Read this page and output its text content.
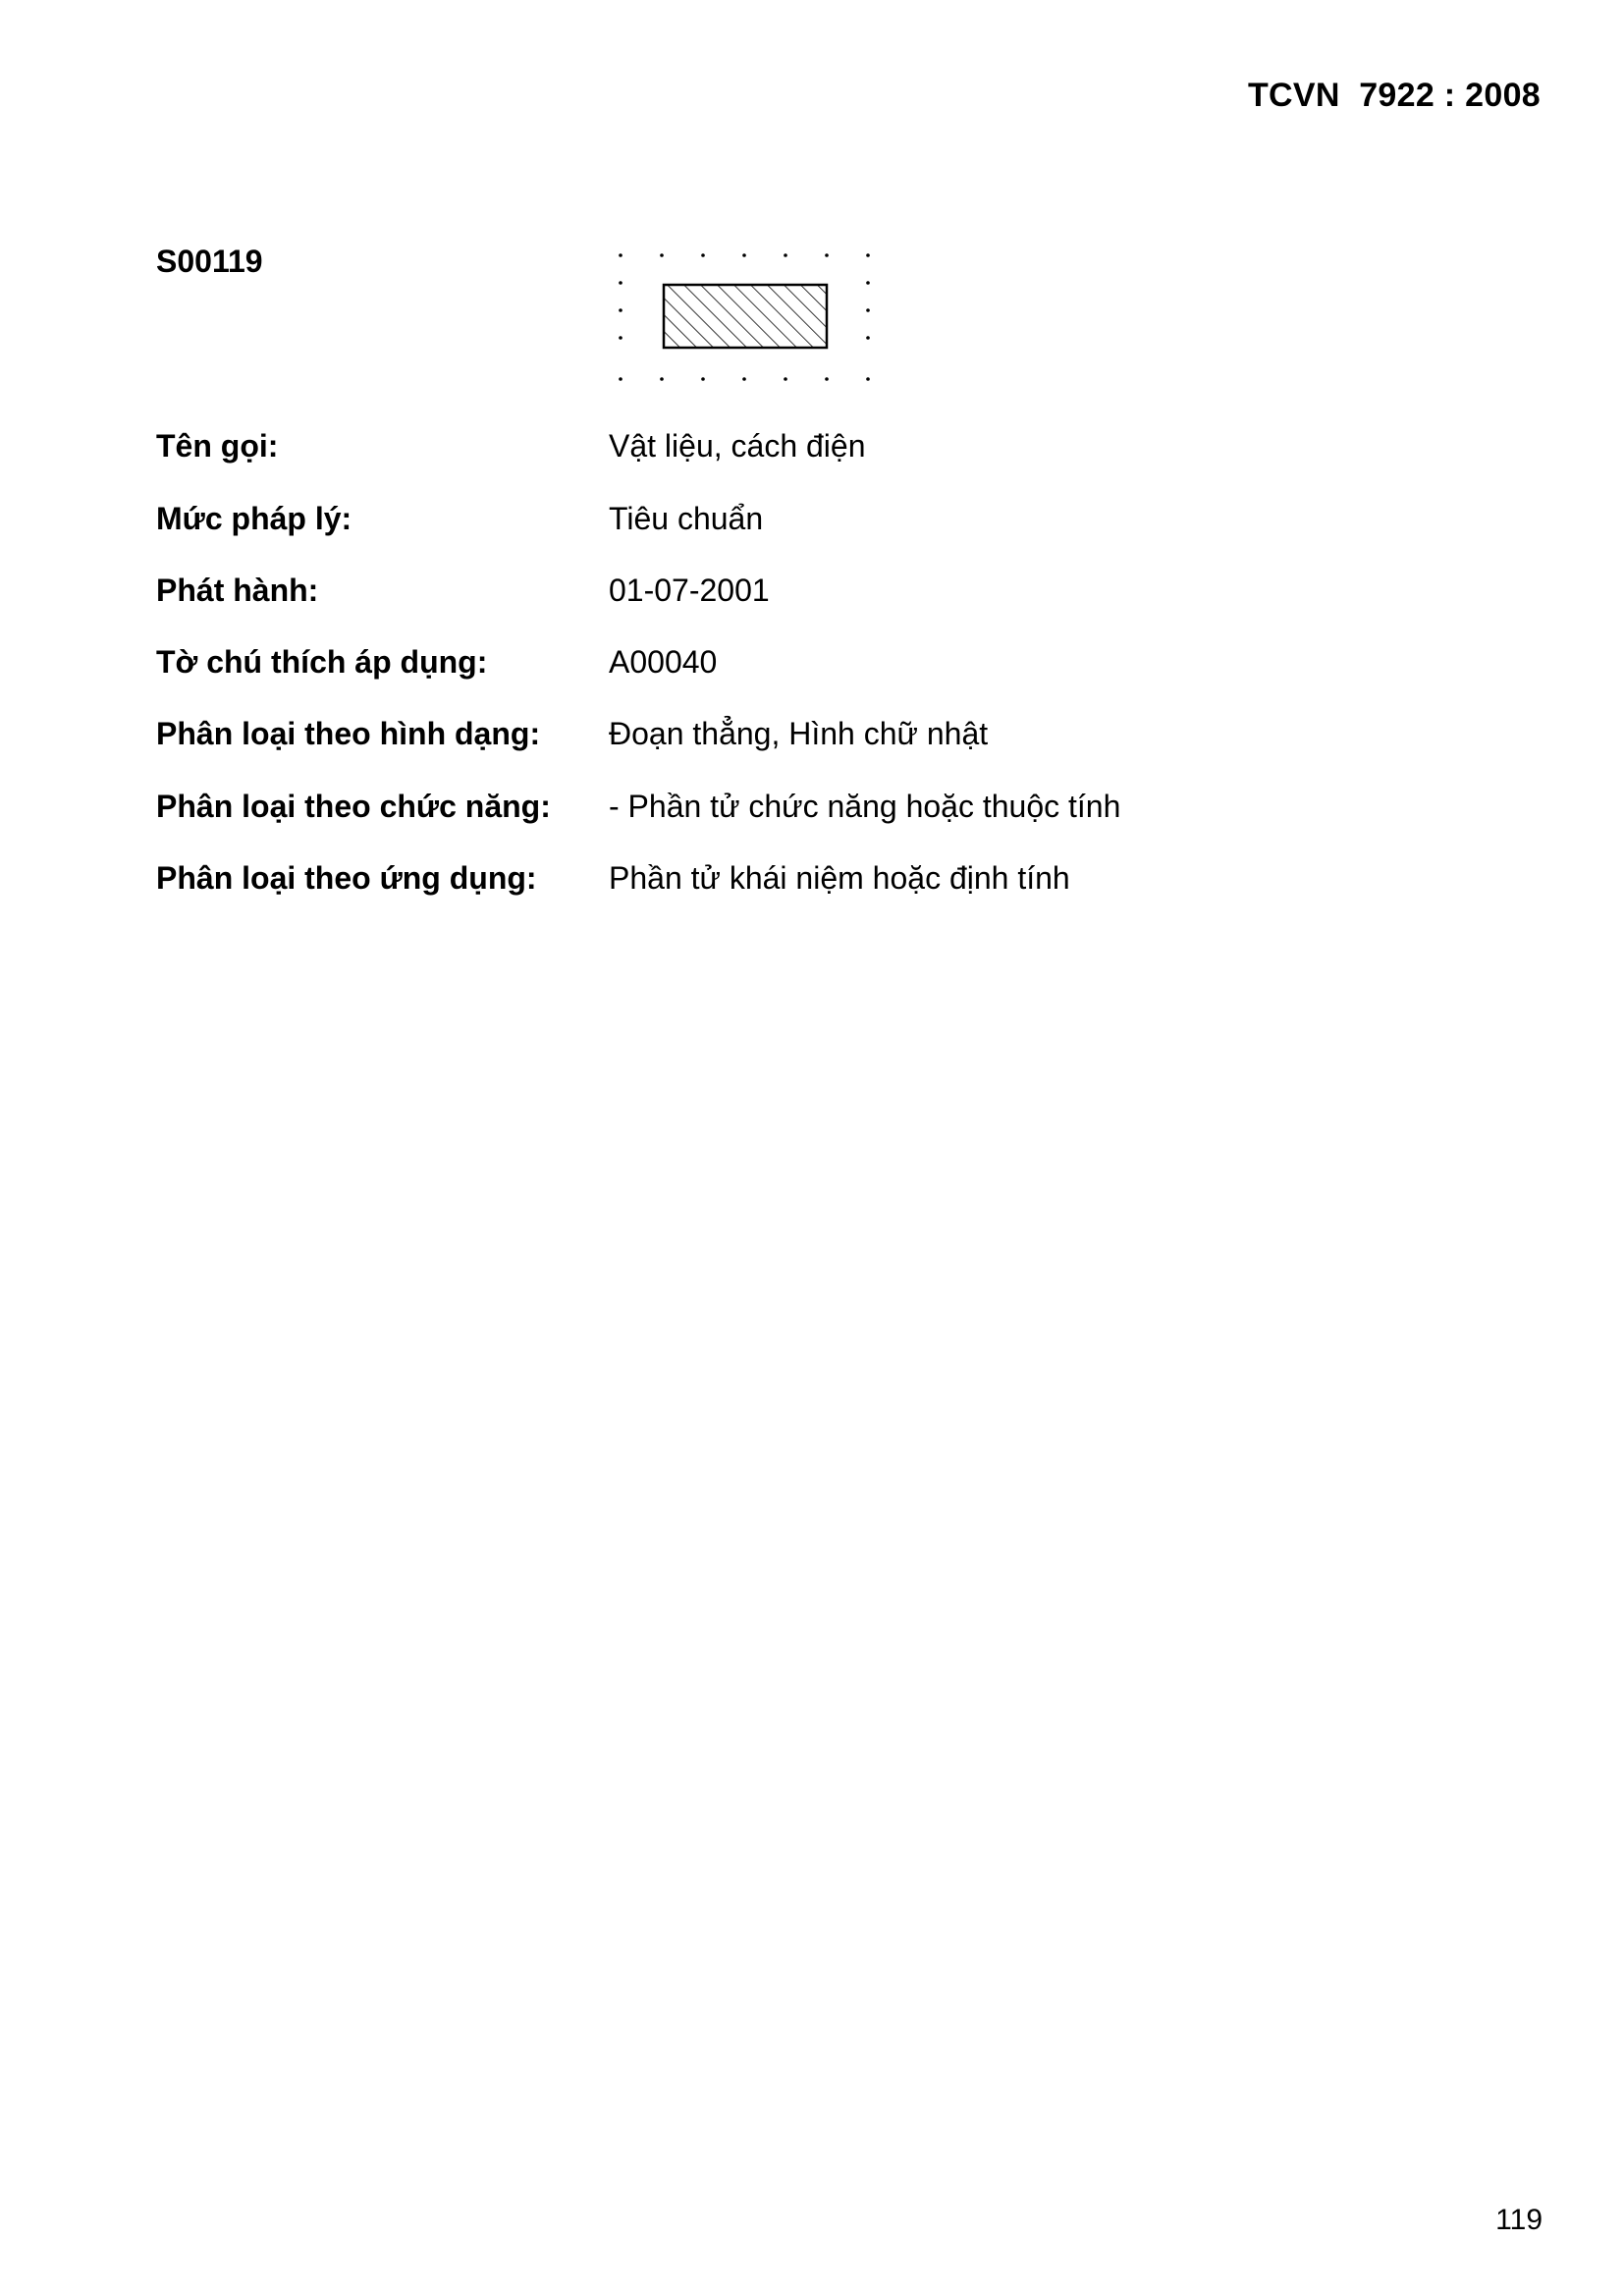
TCVN  7922 : 2008
S00119
Tên gọi:	Vật liệu, cách điện
Mức pháp lý:	Tiêu chuẩn
Phát hành:	01-07-2001
Tờ chú thích áp dụng:	A00040
Phân loại theo hình dạng: Đoạn thẳng, Hình chữ nhật
Phân loại theo chức năng: - Phần tử chức năng hoặc thuộc tính
Phân loại theo ứng dụng: Phần tử khái niệm hoặc định tính
119
